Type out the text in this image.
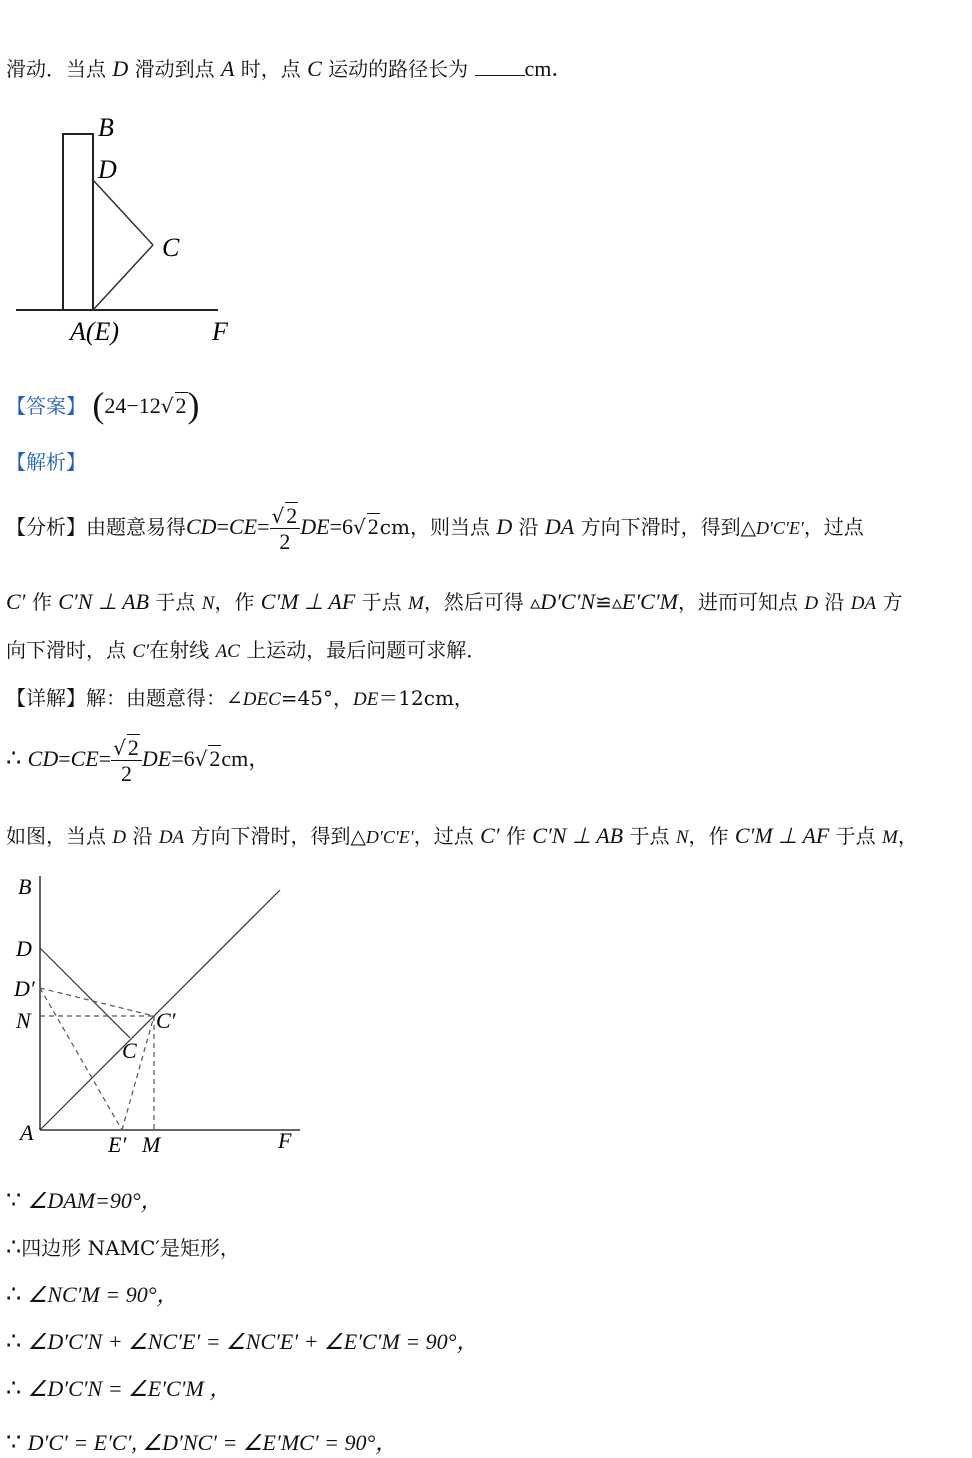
滑动．当点 D 滑动到点 A 时，点 C 运动的路径长为 cm．
B
D
C
A(E)	F
【答案】 (24−12√2)
【解析】
【分析】由题意易得$CD=CE= \frac{√2}{2} DE=6√2cm$，则当点 D 沿 DA 方向下滑时，得到△D′C′E′，过点
C′ 作 C′N ⊥ AB 于点 N，作 C′M ⊥ AF 于点 M，然后可得 ▵D′C′N≌▵E′C′M，进而可知点 D 沿 DA 方
向下滑时，点 C′在射线 AC 上运动，最后问题可求解．
【详解】解：由题意得：∠DEC=45°，DE＝12cm，
∴ $CD=CE= \frac{√2}{2} DE=6√2cm$，
如图，当点 D 沿 DA 方向下滑时，得到△D′C′E′，过点 C′ 作 C′N ⊥ AB 于点 N，作 C′M ⊥ AF 于点 M，
B
D
D′
N	C′
C
A	E′ M	F
∵ ∠DAM=90°，
∴四边形 NAMC′是矩形，
∴ ∠NC′M = 90°，
∴ ∠D′C′N + ∠NC′E′ = ∠NC′E′ + ∠E′C′M = 90°，
∴ ∠D′C′N = ∠E′C′M ，
∵ D′C′ = E′C′, ∠D′NC′ = ∠E′MC′ = 90°，
